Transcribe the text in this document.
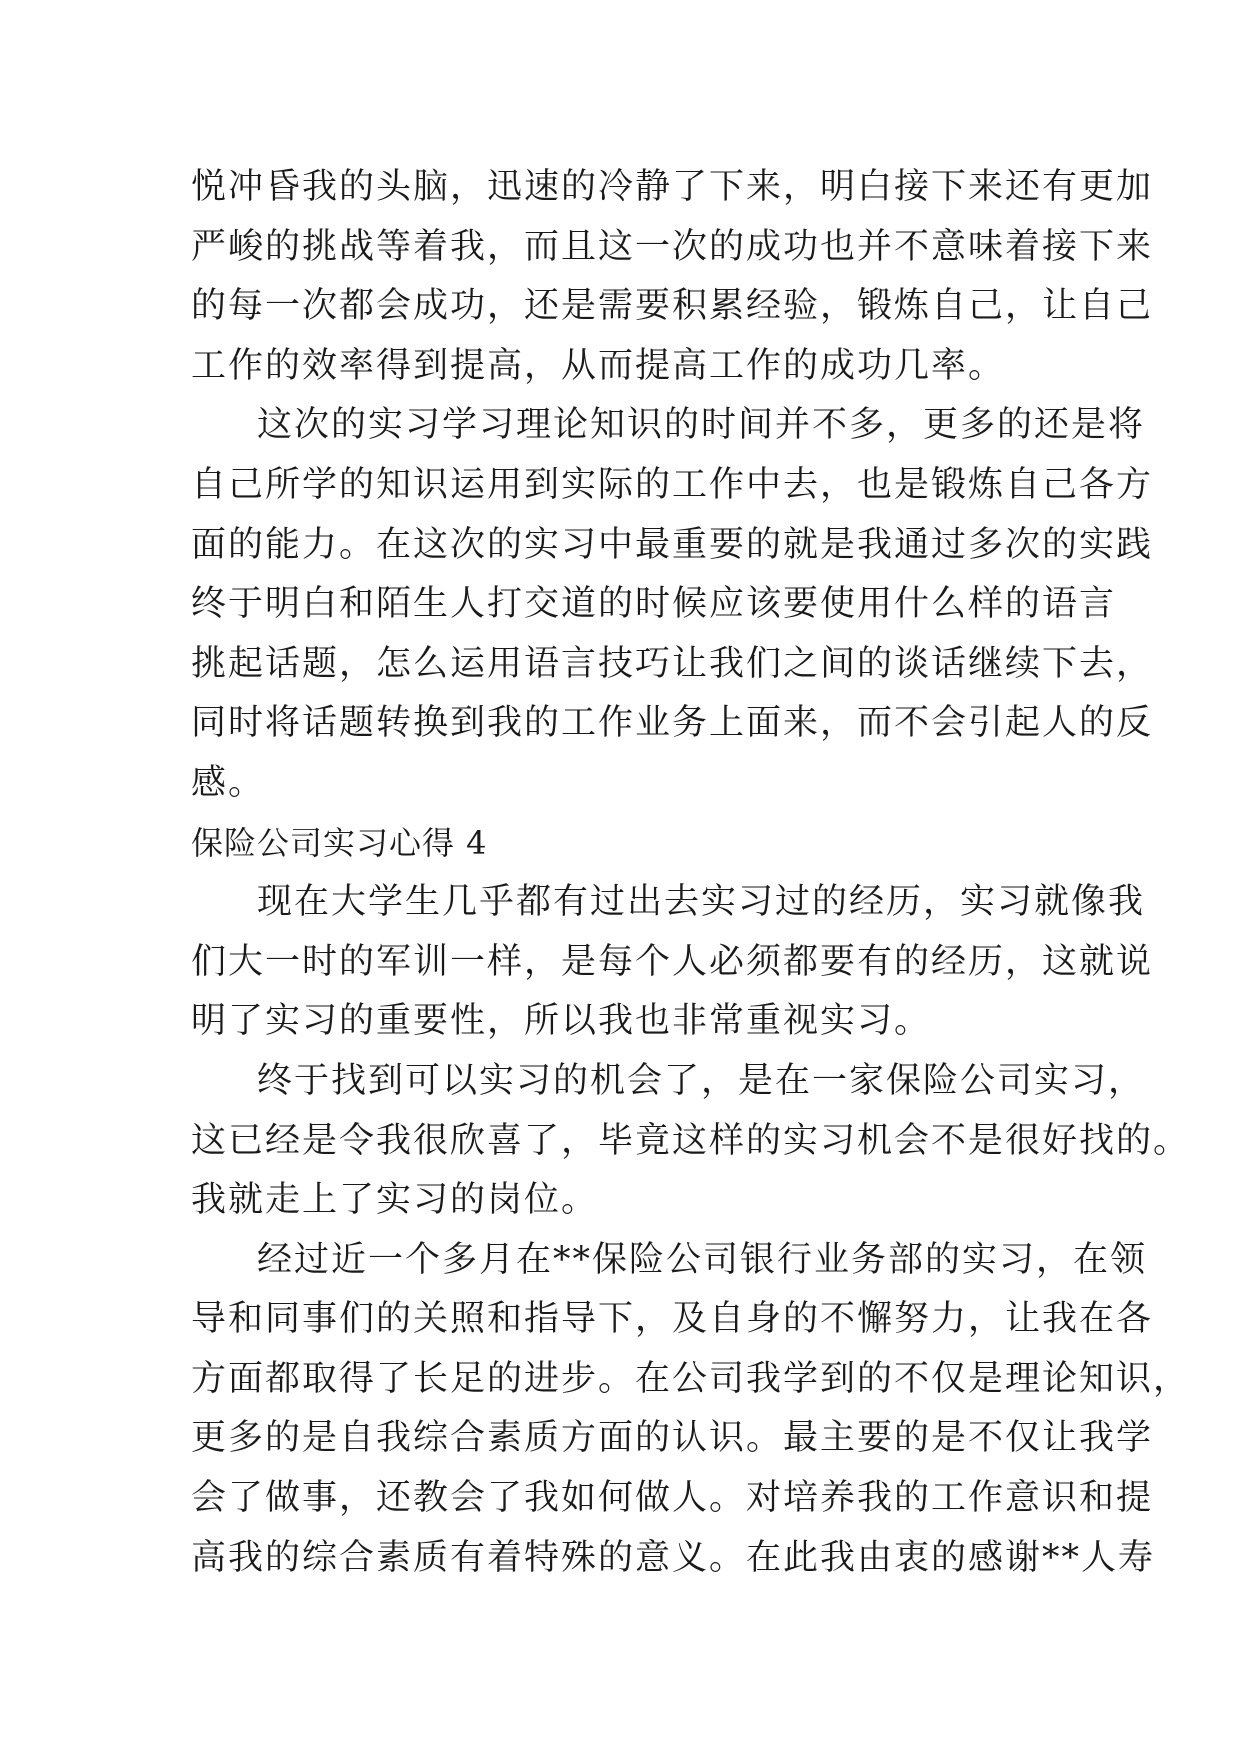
悦冲昏我的头脑，迅速的冷静了下来，明白接下来还有更加
严峻的挑战等着我，而且这一次的成功也并不意味着接下来
的每一次都会成功，还是需要积累经验，锻炼自己，让自己
工作的效率得到提高，从而提高工作的成功几率。
这次的实习学习理论知识的时间并不多，更多的还是将
自己所学的知识运用到实际的工作中去，也是锻炼自己各方
面的能力。在这次的实习中最重要的就是我通过多次的实践
终于明白和陌生人打交道的时候应该要使用什么样的语言
挑起话题，怎么运用语言技巧让我们之间的谈话继续下去，
同时将话题转换到我的工作业务上面来，而不会引起人的反
感。
保险公司实习心得 4
现在大学生几乎都有过出去实习过的经历，实习就像我
们大一时的军训一样，是每个人必须都要有的经历，这就说
明了实习的重要性，所以我也非常重视实习。
终于找到可以实习的机会了，是在一家保险公司实习，
这已经是令我很欣喜了，毕竟这样的实习机会不是很好找的。
我就走上了实习的岗位。
经过近一个多月在**保险公司银行业务部的实习，在领
导和同事们的关照和指导下，及自身的不懈努力，让我在各
方面都取得了长足的进步。在公司我学到的不仅是理论知识，
更多的是自我综合素质方面的认识。最主要的是不仅让我学
会了做事，还教会了我如何做人。对培养我的工作意识和提
高我的综合素质有着特殊的意义。在此我由衷的感谢**人寿
